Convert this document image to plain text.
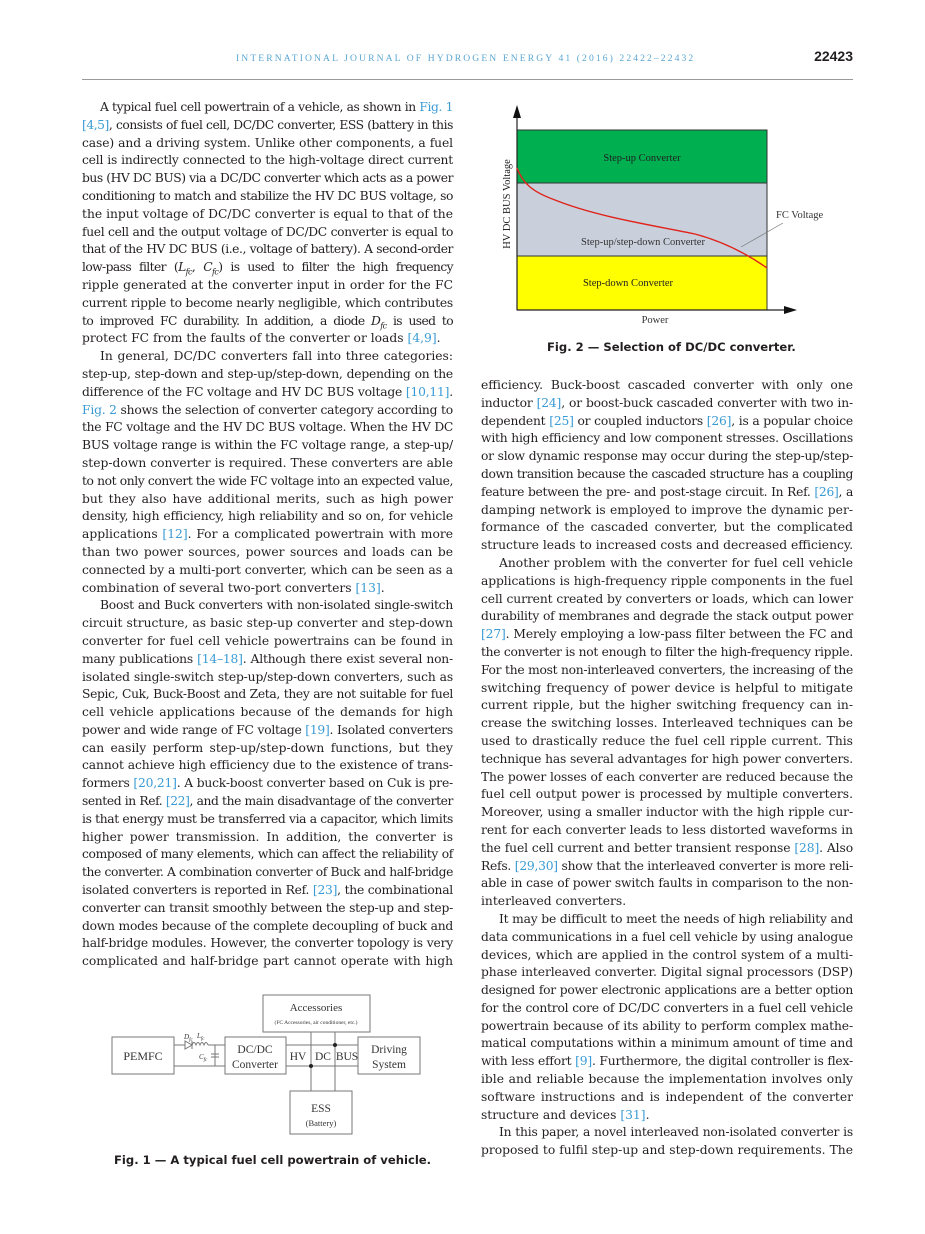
INTERNATIONAL JOURNAL OF HYDROGEN ENERGY 41 (2016) 22422–22432	22423
A typical fuel cell powertrain of a vehicle, as shown in Fig. 1
[4,5], consists of fuel cell, DC/DC converter, ESS (battery in this
case) and a driving system. Unlike other components, a fuel
cell is indirectly connected to the high-voltage direct current
bus (HV DC BUS) via a DC/DC converter which acts as a power
conditioning to match and stabilize the HV DC BUS voltage, so
the input voltage of DC/DC converter is equal to that of the
fuel cell and the output voltage of DC/DC converter is equal to
that of the HV DC BUS (i.e., voltage of battery). A second-order
low-pass filter ($L_{fc}$, $C_{fc}$) is used to filter the high frequency
ripple generated at the converter input in order for the FC
current ripple to become nearly negligible, which contributes
to improved FC durability. In addition, a diode $D_{fc}$ is used to
protect FC from the faults of the converter or loads [4,9].
In general, DC/DC converters fall into three categories:
step-up, step-down and step-up/step-down, depending on the
difference of the FC voltage and HV DC BUS voltage [10,11].
Fig. 2 shows the selection of converter category according to
the FC voltage and the HV DC BUS voltage. When the HV DC
BUS voltage range is within the FC voltage range, a step-up/
step-down converter is required. These converters are able
to not only convert the wide FC voltage into an expected value,
but they also have additional merits, such as high power
density, high efficiency, high reliability and so on, for vehicle
applications [12]. For a complicated powertrain with more
than two power sources, power sources and loads can be
connected by a multi-port converter, which can be seen as a
combination of several two-port converters [13].
Boost and Buck converters with non-isolated single-switch
circuit structure, as basic step-up converter and step-down
converter for fuel cell vehicle powertrains can be found in
many publications [14–18]. Although there exist several non-
isolated single-switch step-up/step-down converters, such as
Sepic, Cuk, Buck-Boost and Zeta, they are not suitable for fuel
cell vehicle applications because of the demands for high
power and wide range of FC voltage [19]. Isolated converters
can easily perform step-up/step-down functions, but they
cannot achieve high efficiency due to the existence of trans-
formers [20,21]. A buck-boost converter based on Cuk is pre-
sented in Ref. [22], and the main disadvantage of the converter
is that energy must be transferred via a capacitor, which limits
higher power transmission. In addition, the converter is
composed of many elements, which can affect the reliability of
the converter. A combination converter of Buck and half-bridge
isolated converters is reported in Ref. [23], the combinational
converter can transit smoothly between the step-up and step-
down modes because of the complete decoupling of buck and
half-bridge modules. However, the converter topology is very
complicated and half-bridge part cannot operate with high
efficiency. Buck-boost cascaded converter with only one
inductor [24], or boost-buck cascaded converter with two in-
dependent [25] or coupled inductors [26], is a popular choice
with high efficiency and low component stresses. Oscillations
or slow dynamic response may occur during the step-up/step-
down transition because the cascaded structure has a coupling
feature between the pre- and post-stage circuit. In Ref. [26], a
damping network is employed to improve the dynamic per-
formance of the cascaded converter, but the complicated
structure leads to increased costs and decreased efficiency.
Another problem with the converter for fuel cell vehicle
applications is high-frequency ripple components in the fuel
cell current created by converters or loads, which can lower
durability of membranes and degrade the stack output power
[27]. Merely employing a low-pass filter between the FC and
the converter is not enough to filter the high-frequency ripple.
For the most non-interleaved converters, the increasing of the
switching frequency of power device is helpful to mitigate
current ripple, but the higher switching frequency can in-
crease the switching losses. Interleaved techniques can be
used to drastically reduce the fuel cell ripple current. This
technique has several advantages for high power converters.
The power losses of each converter are reduced because the
fuel cell output power is processed by multiple converters.
Moreover, using a smaller inductor with the high ripple cur-
rent for each converter leads to less distorted waveforms in
the fuel cell current and better transient response [28]. Also
Refs. [29,30] show that the interleaved converter is more reli-
able in case of power switch faults in comparison to the non-
interleaved converters.
It may be difficult to meet the needs of high reliability and
data communications in a fuel cell vehicle by using analogue
devices, which are applied in the control system of a multi-
phase interleaved converter. Digital signal processors (DSP)
designed for power electronic applications are a better option
for the control core of DC/DC converters in a fuel cell vehicle
powertrain because of its ability to perform complex mathe-
matical computations within a minimum amount of time and
with less effort [9]. Furthermore, the digital controller is flex-
ible and reliable because the implementation involves only
software instructions and is independent of the converter
structure and devices [31].
In this paper, a novel interleaved non-isolated converter is
proposed to fulfil step-up and step-down requirements. The
Step-up Converter
Step-up/step-down Converter
Step-down Converter
FC Voltage
Power
HV DC BUS Voltage
Fig. 2 — Selection of DC/DC converter.
PEMFC	DC/DC
Converter
Accessories
(FC Accessories, air conditioner, etc.)
Driving
System
ESS
(Battery)
HV DC BUS
$D_{fc}$
$L_{fc}$
$C_{fc}$
Fig. 1 — A typical fuel cell powertrain of vehicle.
